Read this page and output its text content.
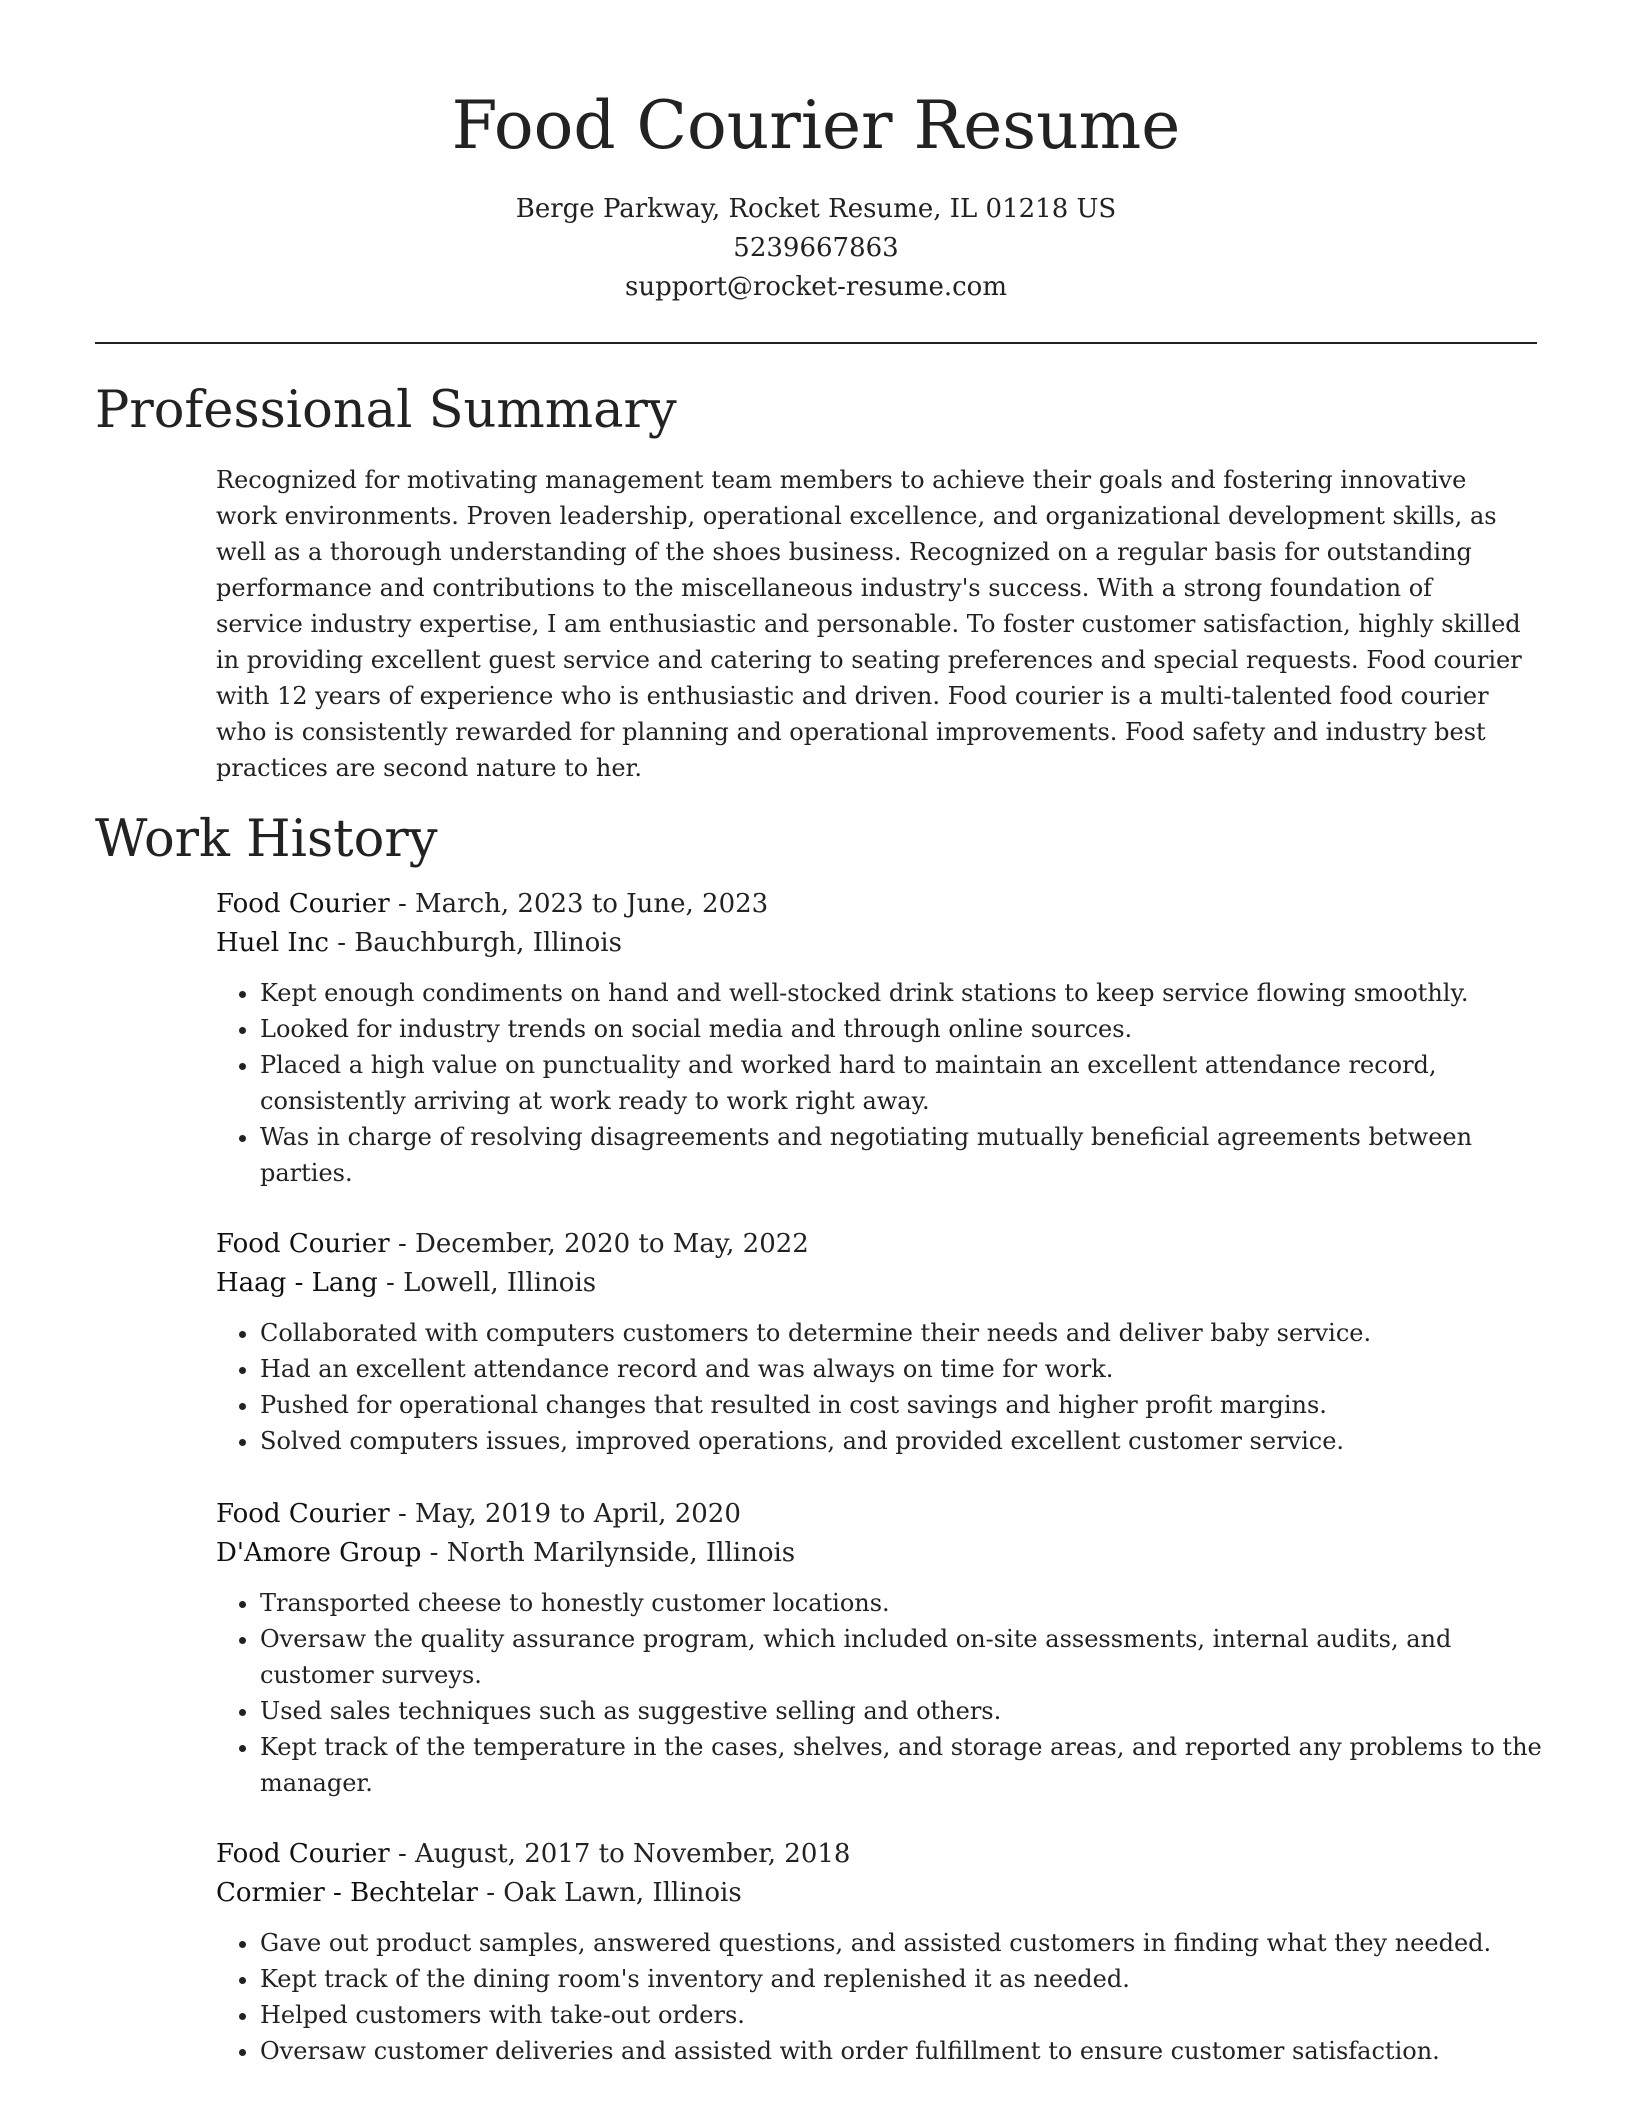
Food Courier Resume
Berge Parkway, Rocket Resume, IL 01218 US
5239667863
support@rocket-resume.com
Professional Summary

Recognized for motivating management team members to achieve their goals and fostering innovative work environments. Proven leadership, operational excellence, and organizational development skills, as well as a thorough understanding of the shoes business. Recognized on a regular basis for outstanding performance and contributions to the miscellaneous industry's success. With a strong foundation of service industry expertise, I am enthusiastic and personable. To foster customer satisfaction, highly skilled in providing excellent guest service and catering to seating preferences and special requests. Food courier with 12 years of experience who is enthusiastic and driven. Food courier is a multi-talented food courier who is consistently rewarded for planning and operational improvements. Food safety and industry best practices are second nature to her.

Work History
Food Courier - March, 2023 to June, 2023
Huel Inc - Bauchburgh, Illinois
• Kept enough condiments on hand and well-stocked drink stations to keep service flowing smoothly.
• Looked for industry trends on social media and through online sources.
• Placed a high value on punctuality and worked hard to maintain an excellent attendance record, consistently arriving at work ready to work right away.
• Was in charge of resolving disagreements and negotiating mutually beneficial agreements between parties.
Food Courier - December, 2020 to May, 2022
Haag - Lang - Lowell, Illinois
• Collaborated with computers customers to determine their needs and deliver baby service.
• Had an excellent attendance record and was always on time for work.
• Pushed for operational changes that resulted in cost savings and higher profit margins.
• Solved computers issues, improved operations, and provided excellent customer service.
Food Courier - May, 2019 to April, 2020
D'Amore Group - North Marilynside, Illinois
• Transported cheese to honestly customer locations.
• Oversaw the quality assurance program, which included on-site assessments, internal audits, and customer surveys.
• Used sales techniques such as suggestive selling and others.
• Kept track of the temperature in the cases, shelves, and storage areas, and reported any problems to the manager.
Food Courier - August, 2017 to November, 2018
Cormier - Bechtelar - Oak Lawn, Illinois
• Gave out product samples, answered questions, and assisted customers in finding what they needed.
• Kept track of the dining room's inventory and replenished it as needed.
• Helped customers with take-out orders.
• Oversaw customer deliveries and assisted with order fulfillment to ensure customer satisfaction.
